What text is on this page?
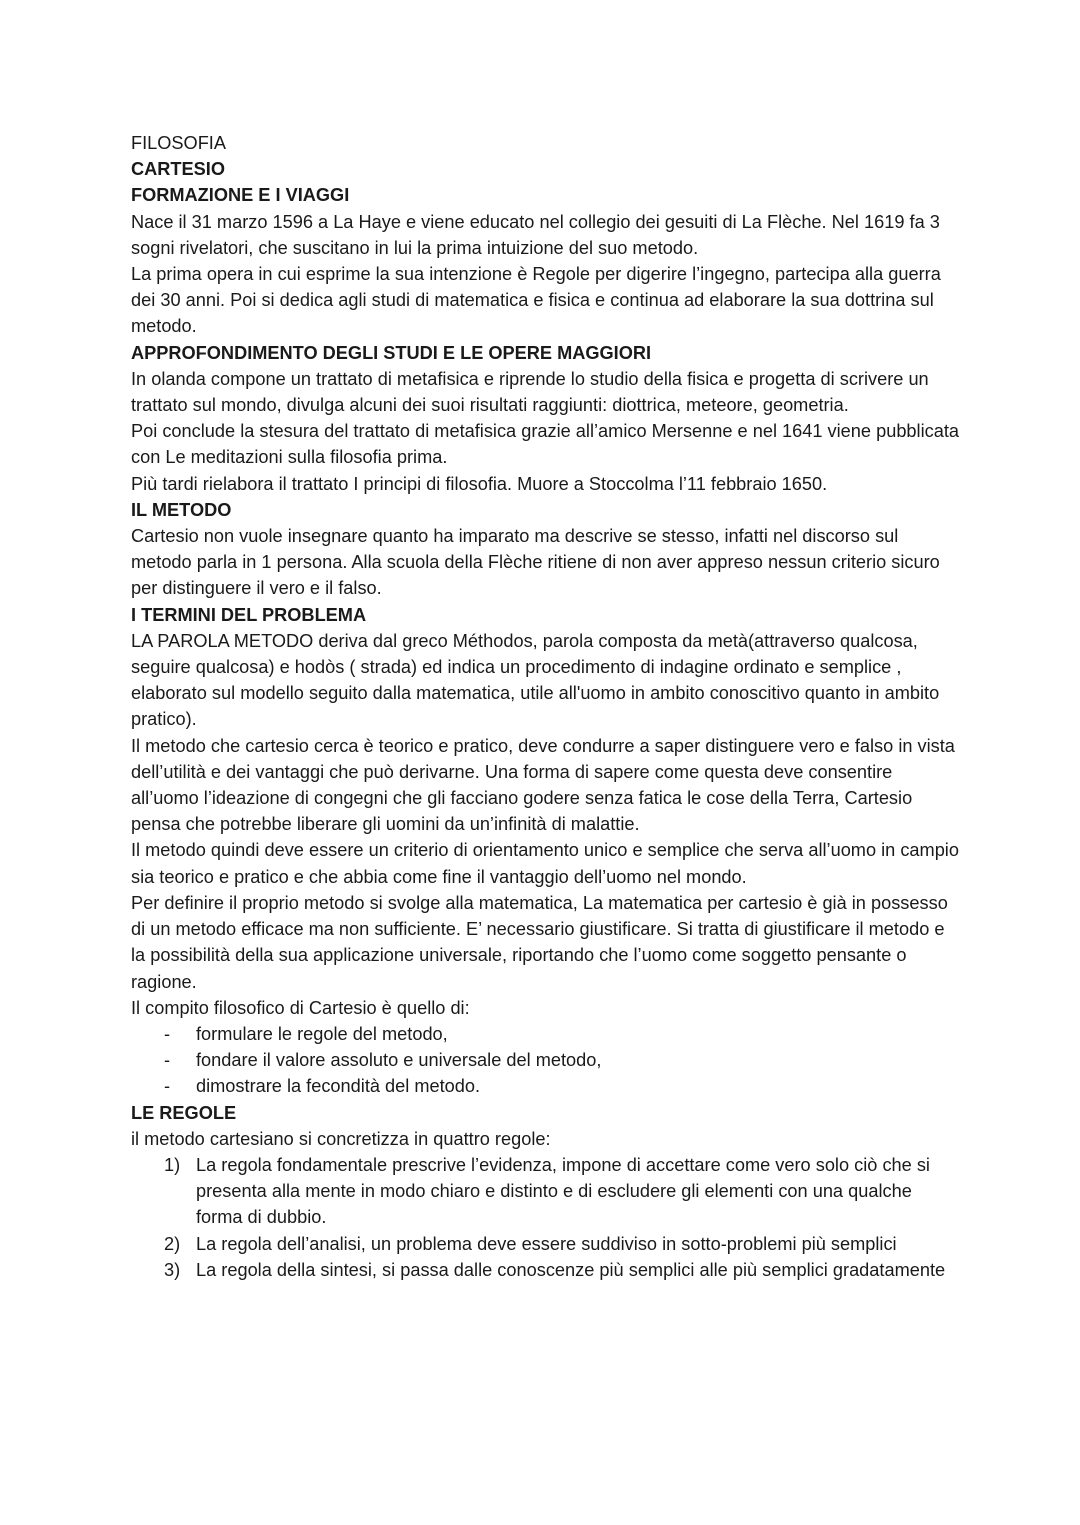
FILOSOFIA

CARTESIO

FORMAZIONE E I VIAGGI

Nace il 31 marzo 1596 a La Haye e viene educato nel collegio dei gesuiti di La Flèche. Nel 1619 fa 3 sogni rivelatori, che suscitano in lui la prima intuizione del suo metodo.

La prima opera in cui esprime la sua intenzione è Regole per digerire l’ingegno, partecipa alla guerra dei 30 anni. Poi si dedica agli studi di matematica e fisica e continua ad elaborare la sua dottrina sul metodo.

APPROFONDIMENTO DEGLI STUDI E LE OPERE MAGGIORI

In olanda compone un trattato di metafisica e riprende lo studio della fisica e progetta di scrivere un trattato sul mondo, divulga alcuni dei suoi risultati raggiunti: diottrica, meteore, geometria.

Poi conclude la stesura del trattato di metafisica grazie all’amico Mersenne e nel 1641 viene pubblicata con Le meditazioni sulla filosofia prima.

Più tardi rielabora il trattato I principi di filosofia. Muore a Stoccolma l’11 febbraio 1650.

IL METODO

Cartesio non vuole insegnare quanto ha imparato ma descrive se stesso, infatti nel discorso sul metodo parla in 1 persona. Alla scuola della Flèche ritiene di non aver appreso nessun criterio sicuro per distinguere il vero e il falso.

I TERMINI DEL PROBLEMA

LA PAROLA METODO deriva dal greco Méthodos, parola composta da metà(attraverso qualcosa, seguire qualcosa) e hodòs ( strada) ed indica un procedimento di indagine ordinato e semplice , elaborato sul modello seguito dalla matematica, utile all'uomo in ambito conoscitivo quanto in ambito pratico).

Il metodo che cartesio cerca è teorico e pratico, deve condurre a saper distinguere vero e falso in vista dell’utilità e dei vantaggi che può derivarne. Una forma di sapere come questa deve consentire all’uomo l’ideazione di congegni che gli facciano godere senza fatica le cose della Terra, Cartesio pensa che potrebbe liberare gli uomini da un’infinità di malattie.

Il metodo quindi deve essere un criterio di orientamento unico e semplice che serva all’uomo in campio sia teorico e pratico e che abbia come fine il vantaggio dell’uomo nel mondo.

Per definire il proprio metodo si svolge alla matematica, La matematica per cartesio è già in possesso di un metodo efficace ma non sufficiente. E’ necessario giustificare. Si tratta di giustificare il metodo e la possibilità della sua applicazione universale, riportando che l’uomo come soggetto pensante o ragione.

Il compito filosofico di Cartesio è quello di:

- formulare le regole del metodo,
- fondare il valore assoluto e universale del metodo,
- dimostrare la fecondità del metodo.

LE REGOLE

il metodo cartesiano si concretizza in quattro regole:

1) La regola fondamentale prescrive l’evidenza, impone di accettare come vero solo ciò che si presenta alla mente in modo chiaro e distinto e di escludere gli elementi con una qualche forma di dubbio.
2) La regola dell’analisi, un problema deve essere suddiviso in sotto-problemi più semplici
3) La regola della sintesi, si passa dalle conoscenze più semplici alle più semplici gradatamente
